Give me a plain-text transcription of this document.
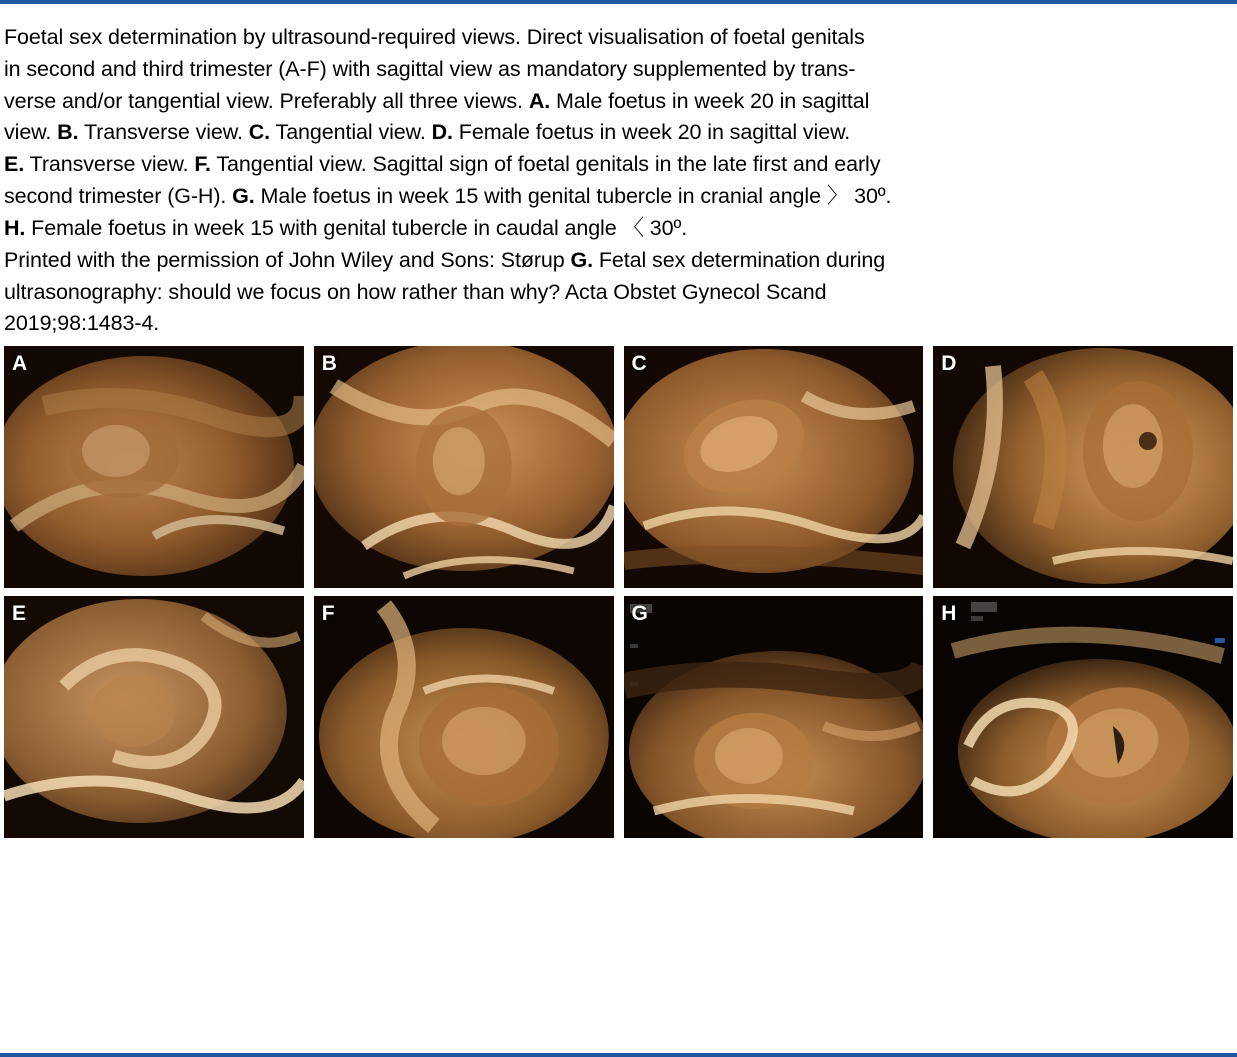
Foetal sex determination by ultrasound-required views. Direct visualisation of foetal genitals

in second and third trimester (A-F) with sagittal view as mandatory supplemented by trans-

verse and/or tangential view. Preferably all three views. A. Male foetus in week 20 in sagittal

view. B. Transverse view. C. Tangential view. D. Female foetus in week 20 in sagittal view.

E. Transverse view. F. Tangential view. Sagittal sign of foetal genitals in the late first and early

second trimester (G-H). G. Male foetus in week 15 with genital tubercle in cranial angle 〉 30º.

H. Female foetus in week 15 with genital tubercle in caudal angle 〈 30º.

Printed with the permission of John Wiley and Sons: Størup G. Fetal sex determination during

ultrasonography: should we focus on how rather than why? Acta Obstet Gynecol Scand

2019;98:1483-4.

A	B	C	D
E	F	G	H
